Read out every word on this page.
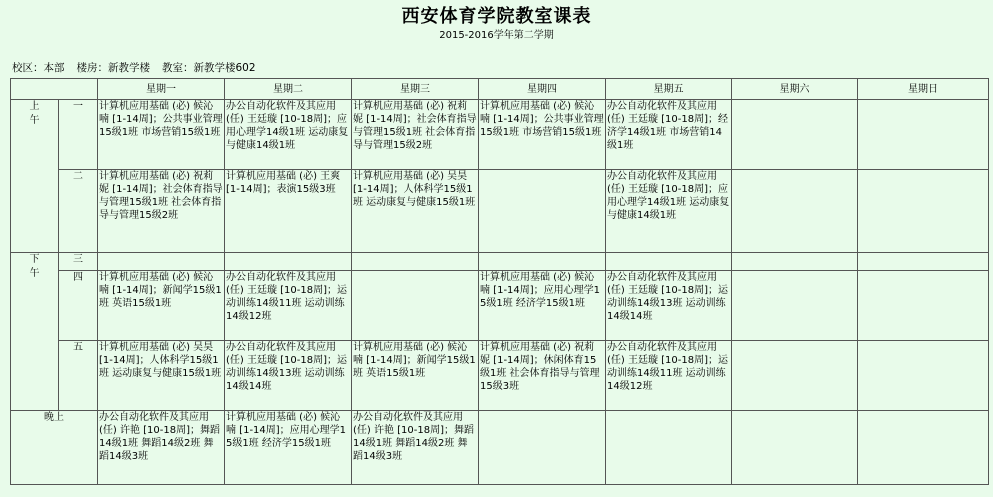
西安体育学院教室课表
2015-2016学年第二学期
校区：本部 楼房：新教学楼 教室：新教学楼602
		星期一	星期二	星期三	星期四	星期五	星期六	星期日
上午	一	计算机应用基础 (必) 候沁喃 [1-14周]；公共事业管理15级1班 市场营销15级1班	办公自动化软件及其应用 (任) 王廷璇 [10-18周]；应用心理学14级1班 运动康复与健康14级1班	计算机应用基础 (必) 祝莉妮 [1-14周]；社会体育指导与管理15级1班 社会体育指导与管理15级2班	计算机应用基础 (必) 候沁喃 [1-14周]；公共事业管理15级1班 市场营销15级1班	办公自动化软件及其应用 (任) 王廷璇 [10-18周]；经济学14级1班 市场营销14级1班		
	二	计算机应用基础 (必) 祝莉妮 [1-14周]；社会体育指导与管理15级1班 社会体育指导与管理15级2班	计算机应用基础 (必) 王爽 [1-14周]；表演15级3班	计算机应用基础 (必) 吴昊 [1-14周]；人体科学15级1班 运动康复与健康15级1班		办公自动化软件及其应用 (任) 王廷璇 [10-18周]；应用心理学14级1班 运动康复与健康14级1班		
下午	三							
	四	计算机应用基础 (必) 候沁喃 [1-14周]；新闻学15级1班 英语15级1班	办公自动化软件及其应用 (任) 王廷璇 [10-18周]；运动训练14级11班 运动训练14级12班		计算机应用基础 (必) 候沁喃 [1-14周]；应用心理学15级1班 经济学15级1班	办公自动化软件及其应用 (任) 王廷璇 [10-18周]；运动训练14级13班 运动训练14级14班		
	五	计算机应用基础 (必) 吴昊 [1-14周]；人体科学15级1班 运动康复与健康15级1班	办公自动化软件及其应用 (任) 王廷璇 [10-18周]；运动训练14级13班 运动训练14级14班	计算机应用基础 (必) 候沁喃 [1-14周]；新闻学15级1班 英语15级1班	计算机应用基础 (必) 祝莉妮 [1-14周]；休闲体育15级1班 社会体育指导与管理15级3班	办公自动化软件及其应用 (任) 王廷璇 [10-18周]；运动训练14级11班 运动训练14级12班		
晚上		办公自动化软件及其应用 (任) 许艳 [10-18周]；舞蹈14级1班 舞蹈14级2班 舞蹈14级3班	计算机应用基础 (必) 候沁喃 [1-14周]；应用心理学15级1班 经济学15级1班	办公自动化软件及其应用 (任) 许艳 [10-18周]；舞蹈14级1班 舞蹈14级2班 舞蹈14级3班				
